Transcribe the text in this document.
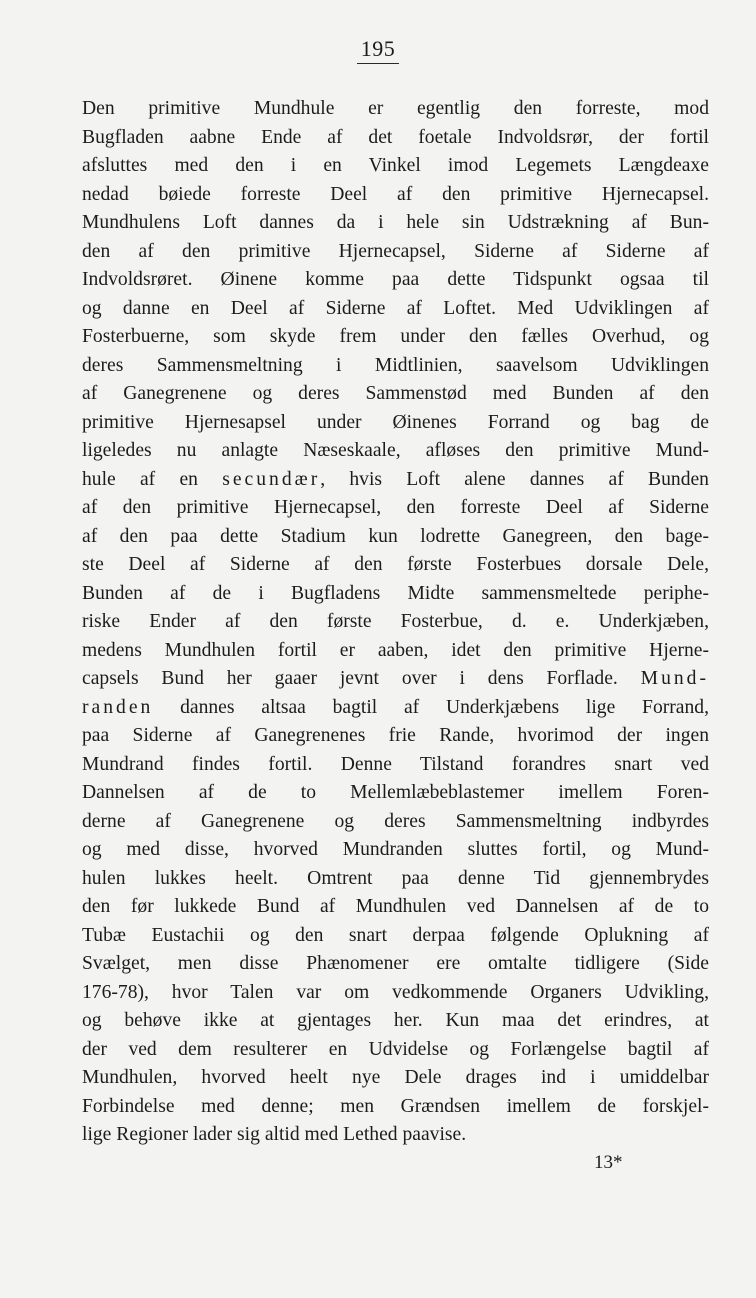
195
Den primitive Mundhule er egentlig den forreste, mod
Bugfladen aabne Ende af det foetale Indvoldsrør, der fortil
afsluttes med den i en Vinkel imod Legemets Længdeaxe
nedad bøiede forreste Deel af den primitive Hjernecapsel.
Mundhulens Loft dannes da i hele sin Udstrækning af Bun-
den af den primitive Hjernecapsel, Siderne af Siderne af
Indvoldsrøret. Øinene komme paa dette Tidspunkt ogsaa til
og danne en Deel af Siderne af Loftet. Med Udviklingen af
Fosterbuerne, som skyde frem under den fælles Overhud, og
deres Sammensmeltning i Midtlinien, saavelsom Udviklingen
af Ganegrenene og deres Sammenstød med Bunden af den
primitive Hjernesapsel under Øinenes Forrand og bag de
ligeledes nu anlagte Næseskaale, afløses den primitive Mund-
hule af en secundær, hvis Loft alene dannes af Bunden
af den primitive Hjernecapsel, den forreste Deel af Siderne
af den paa dette Stadium kun lodrette Ganegreen, den bage-
ste Deel af Siderne af den første Fosterbues dorsale Dele,
Bunden af de i Bugfladens Midte sammensmeltede periphe-
riske Ender af den første Fosterbue, d. e. Underkjæben,
medens Mundhulen fortil er aaben, idet den primitive Hjerne-
capsels Bund her gaaer jevnt over i dens Forflade. Mund-
randen dannes altsaa bagtil af Underkjæbens lige Forrand,
paa Siderne af Ganegrenenes frie Rande, hvorimod der ingen
Mundrand findes fortil. Denne Tilstand forandres snart ved
Dannelsen af de to Mellemlæbeblastemer imellem Foren-
derne af Ganegrenene og deres Sammensmeltning indbyrdes
og med disse, hvorved Mundranden sluttes fortil, og Mund-
hulen lukkes heelt. Omtrent paa denne Tid gjennembrydes
den før lukkede Bund af Mundhulen ved Dannelsen af de to
Tubæ Eustachii og den snart derpaa følgende Oplukning af
Svælget, men disse Phænomener ere omtalte tidligere (Side
176-78), hvor Talen var om vedkommende Organers Udvikling,
og behøve ikke at gjentages her. Kun maa det erindres, at
der ved dem resulterer en Udvidelse og Forlængelse bagtil af
Mundhulen, hvorved heelt nye Dele drages ind i umiddelbar
Forbindelse med denne; men Grændsen imellem de forskjel-
lige Regioner lader sig altid med Lethed paavise.
13*
